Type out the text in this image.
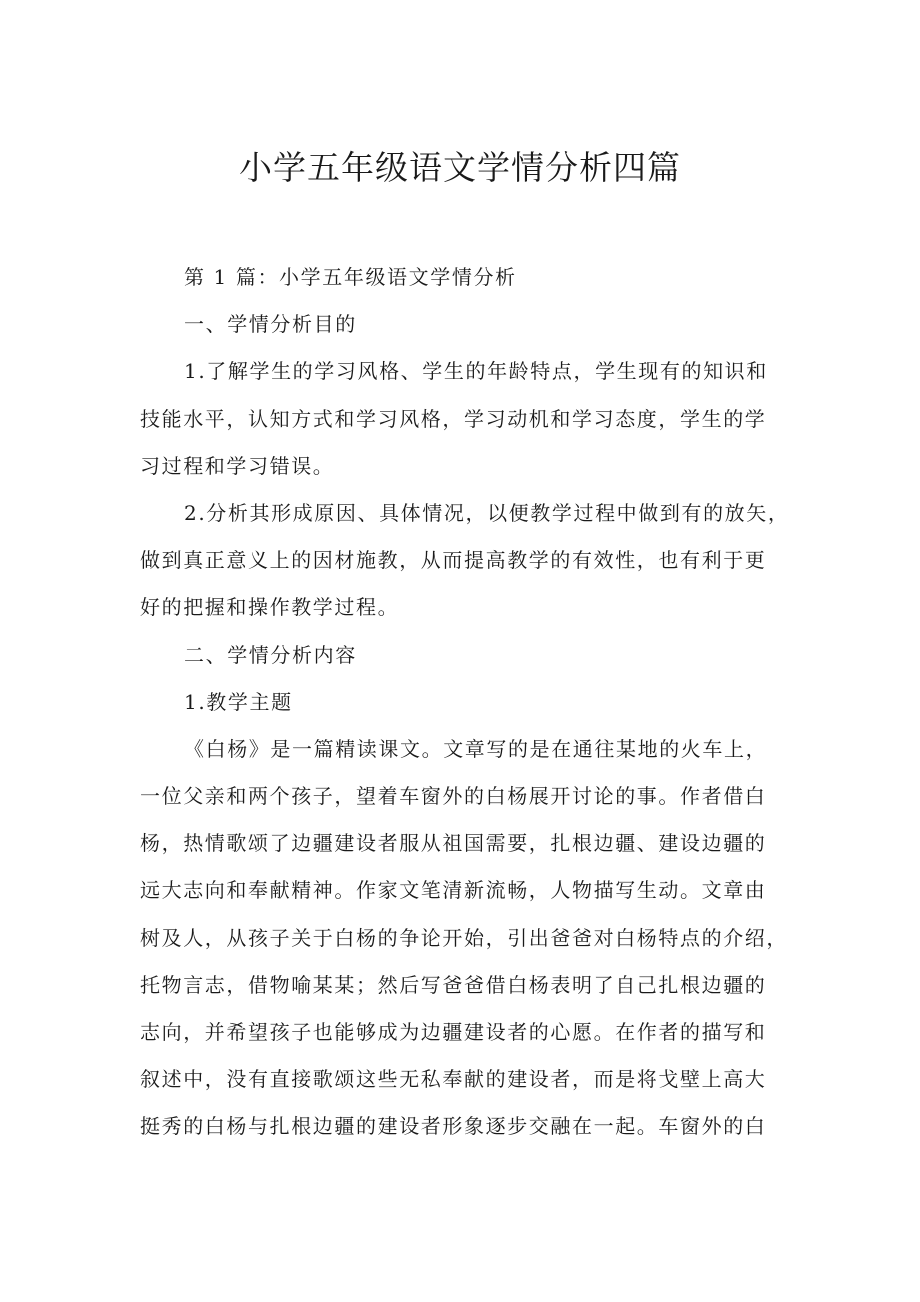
小学五年级语文学情分析四篇
第 1 篇：小学五年级语文学情分析
一、学情分析目的
1.了解学生的学习风格、学生的年龄特点，学生现有的知识和
技能水平，认知方式和学习风格，学习动机和学习态度，学生的学
习过程和学习错误。
2.分析其形成原因、具体情况，以便教学过程中做到有的放矢，
做到真正意义上的因材施教，从而提高教学的有效性，也有利于更
好的把握和操作教学过程。
二、学情分析内容
1.教学主题
《白杨》是一篇精读课文。文章写的是在通往某地的火车上，
一位父亲和两个孩子，望着车窗外的白杨展开讨论的事。作者借白
杨，热情歌颂了边疆建设者服从祖国需要，扎根边疆、建设边疆的
远大志向和奉献精神。作家文笔清新流畅，人物描写生动。文章由
树及人，从孩子关于白杨的争论开始，引出爸爸对白杨特点的介绍，
托物言志，借物喻某某；然后写爸爸借白杨表明了自己扎根边疆的
志向，并希望孩子也能够成为边疆建设者的心愿。在作者的描写和
叙述中，没有直接歌颂这些无私奉献的建设者，而是将戈壁上高大
挺秀的白杨与扎根边疆的建设者形象逐步交融在一起。车窗外的白
